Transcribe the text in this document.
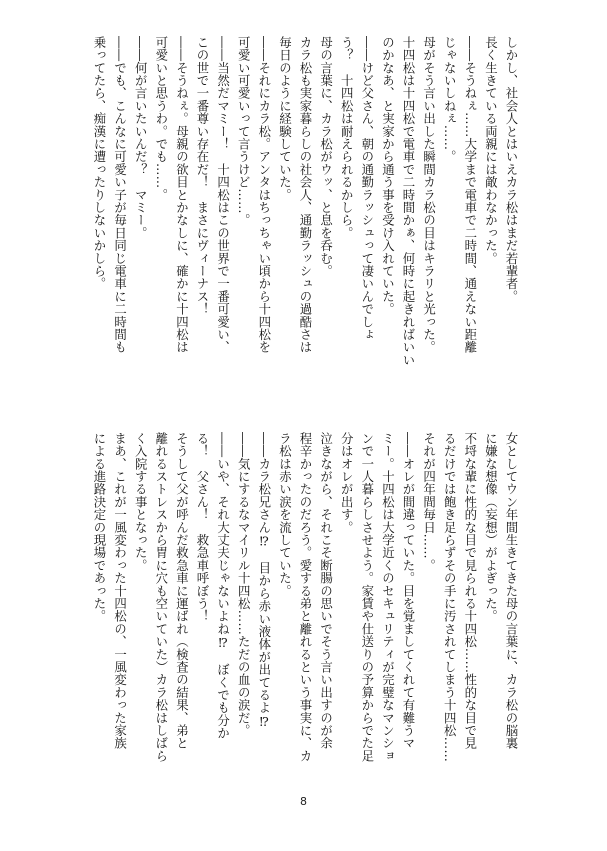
しかし、社会人とはいえカラ松はまだ若輩者。
長く生きている両親には敵わなかった。
――そうねぇ……大学まで電車で二時間、通えない距離
じゃないしねぇ……。
母がそう言い出した瞬間カラ松の目はキラリと光った。
十四松は十四松で電車で二時間かぁ、何時に起きればいい
のかなあ、と実家から通う事を受け入れていた。
――けど父さん、朝の通勤ラッシュって凄いんでしょ
う？　十四松は耐えられるかしら。
母の言葉に、カラ松がウッ、と息を呑む。
カラ松も実家暮らしの社会人、通勤ラッシュの過酷さは
毎日のように経験していた。
――それにカラ松。アンタはちっちゃい頃から十四松を
可愛い可愛いって言うけど……。
――当然だマミー！　十四松はこの世界で一番可愛い、
この世で一番尊い存在だ！　まさにヴィーナス！
――そうねぇ。母親の欲目とかなしに、確かに十四松は
可愛いと思うわ。でも……。
――何が言いたいんだ？　マミー。
――でも、こんなに可愛い子が毎日同じ電車に二時間も
乗ってたら、痴漢に遭ったりしないかしら。
女としてウン年間生きてきた母の言葉に、カラ松の脳裏
に嫌な想像（妄想）がよぎった。
不埒な輩に性的な目で見られる十四松……性的な目で見
るだけでは飽き足らずその手に汚されてしまう十四松……
それが四年間毎日……。
――オレが間違っていた。目を覚ましてくれて有難うマ
ミー。十四松は大学近くのセキュリティが完璧なマンショ
ンで一人暮らしさせよう。家賃や仕送りの予算からでた足
分はオレが出す。
泣きながら、それこそ断腸の思いでそう言い出すのが余
程辛かったのだろう。愛する弟と離れるという事実に、カ
ラ松は赤い涙を流していた。
――カラ松兄さん⁉　目から赤い液体が出てるよ⁉
――気にするなマイリル十四松……ただの血の涙だ。
――いや、それ大丈夫じゃないよね⁉　ぼくでも分か
る！　父さん！　救急車呼ぼう！
そうして父が呼んだ救急車に運ばれ（検査の結果、弟と
離れるストレスから胃に穴も空いていた）カラ松はしばら
く入院する事となった。
まあ、これが一風変わった十四松の、一風変わった家族
による進路決定の現場であった。
8
